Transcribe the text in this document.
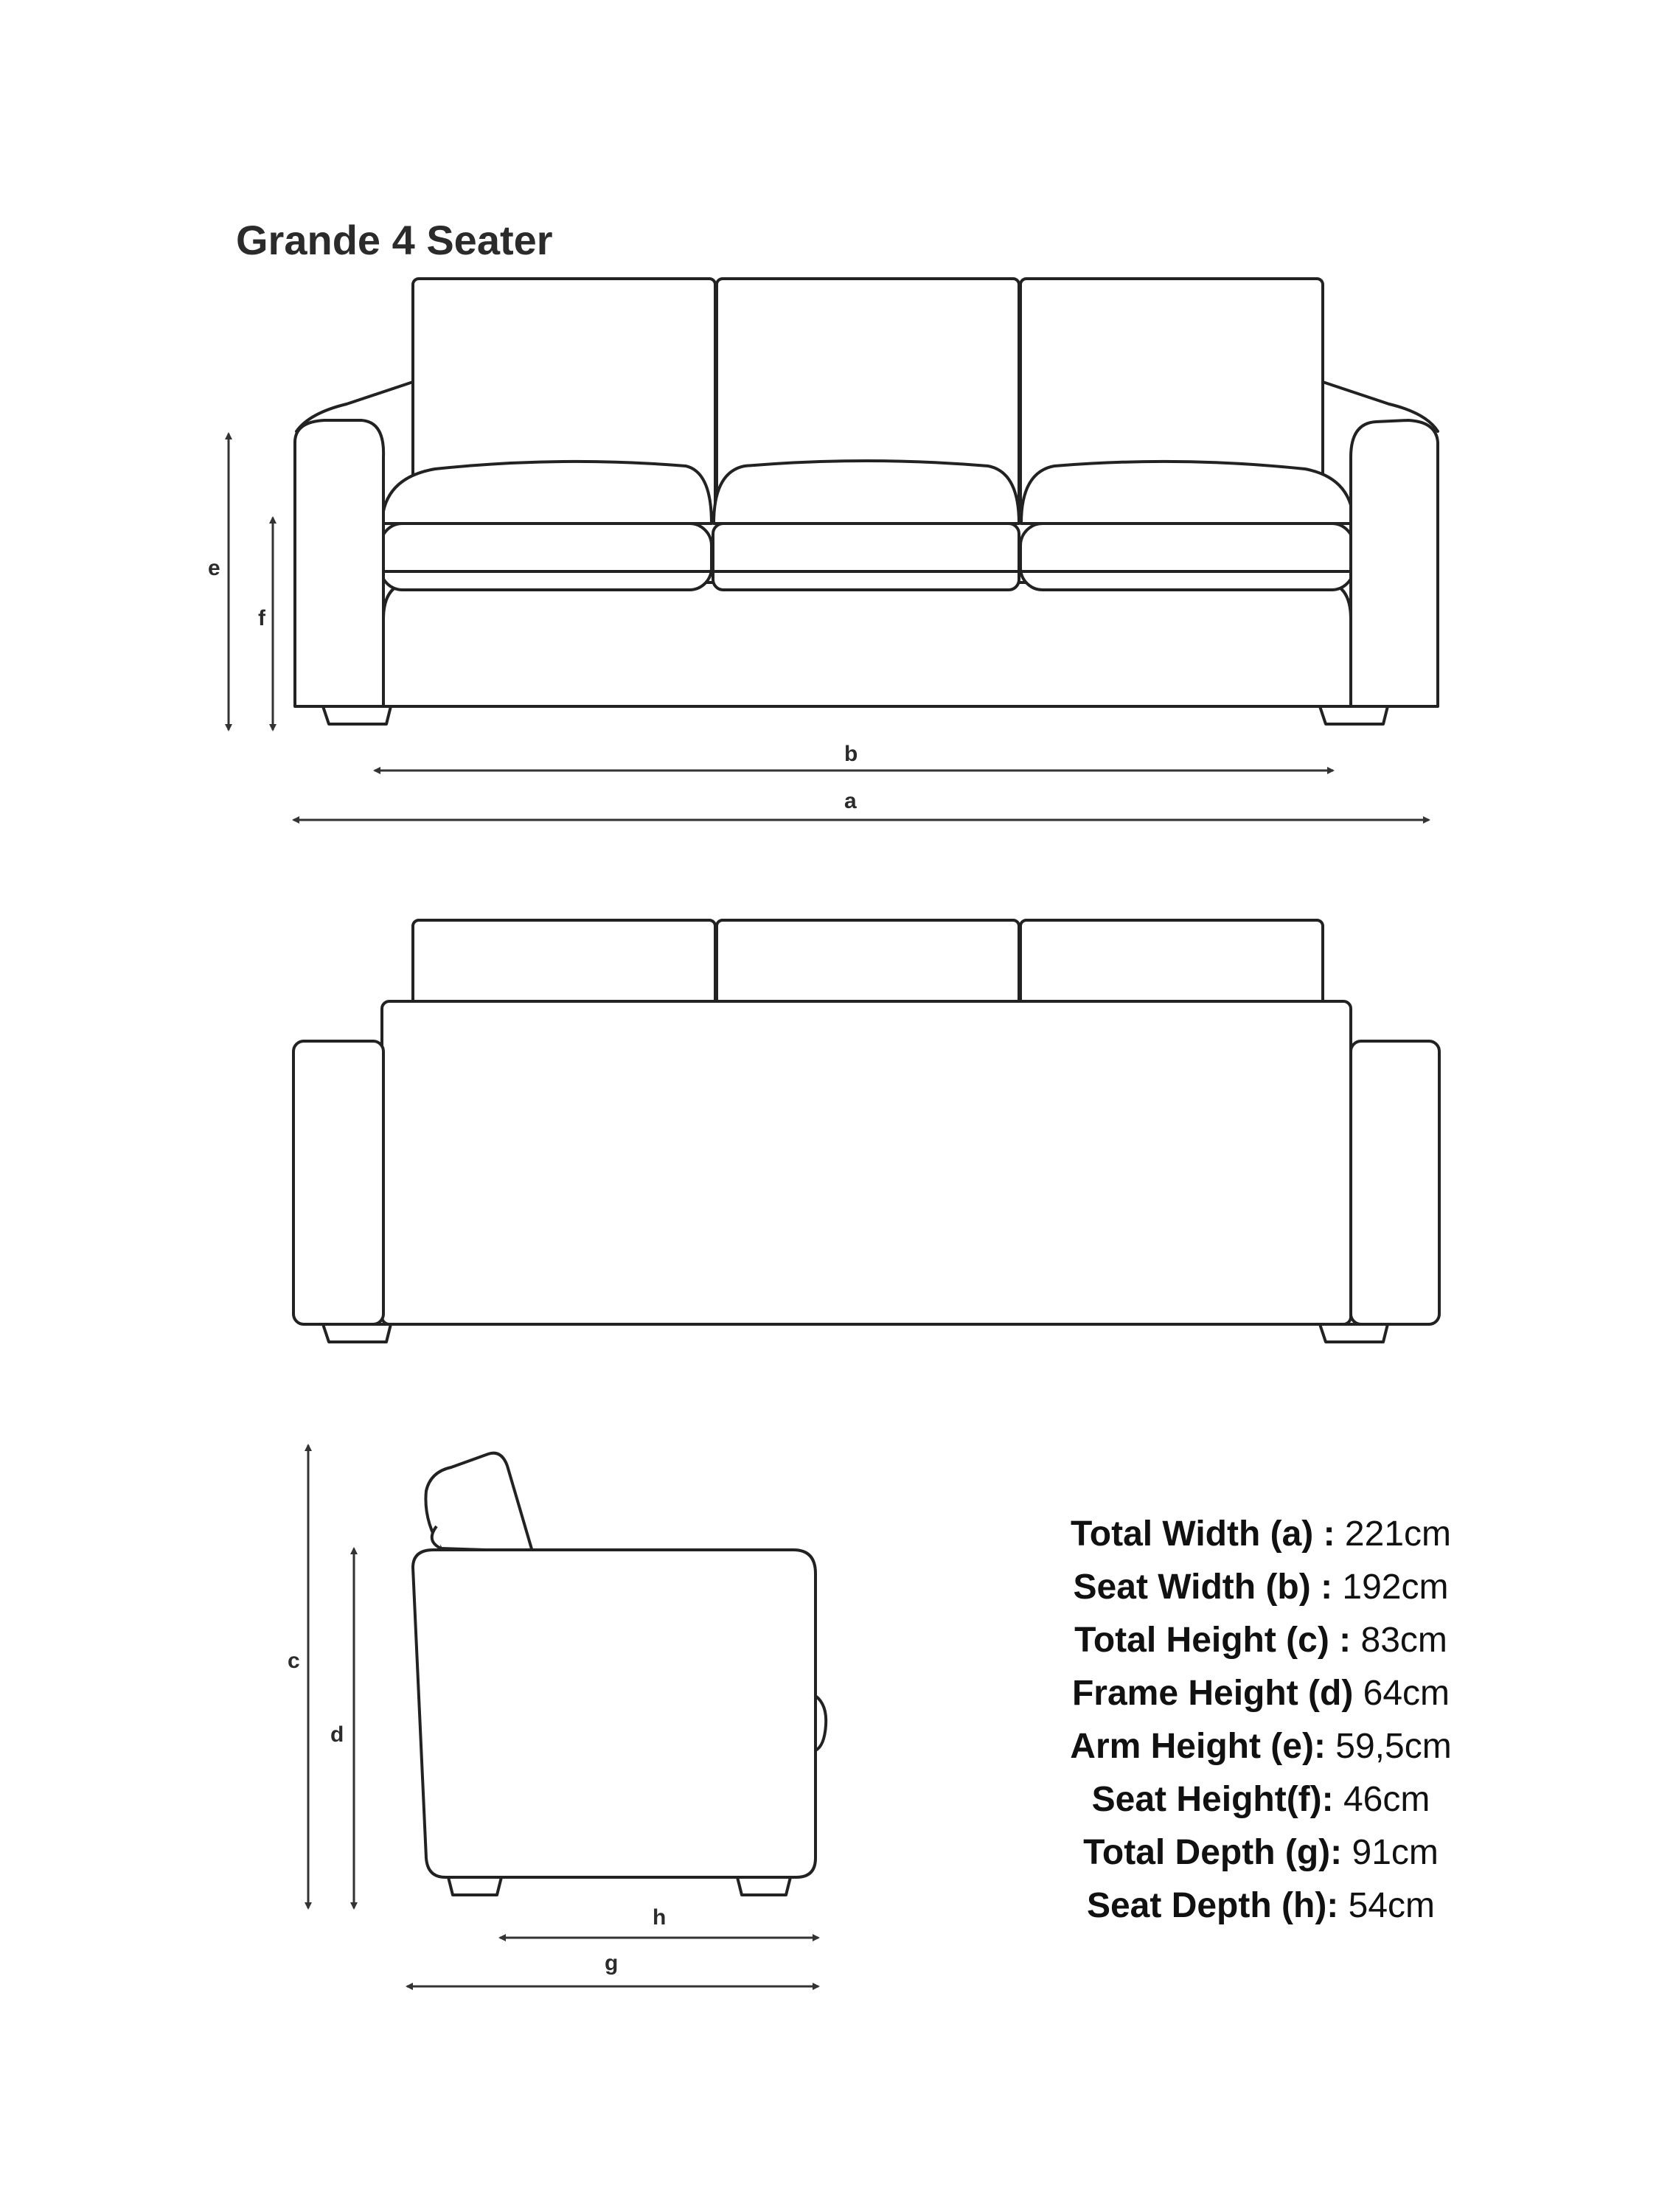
Grande 4 Seater
e
f
b
a
c
d
h
g
Total Width (a) : 221cm
Seat Width (b) : 192cm
Total Height (c) : 83cm
Frame Height (d) 64cm
Arm Height (e): 59,5cm
Seat Height(f): 46cm
Total Depth (g): 91cm
Seat Depth (h): 54cm
